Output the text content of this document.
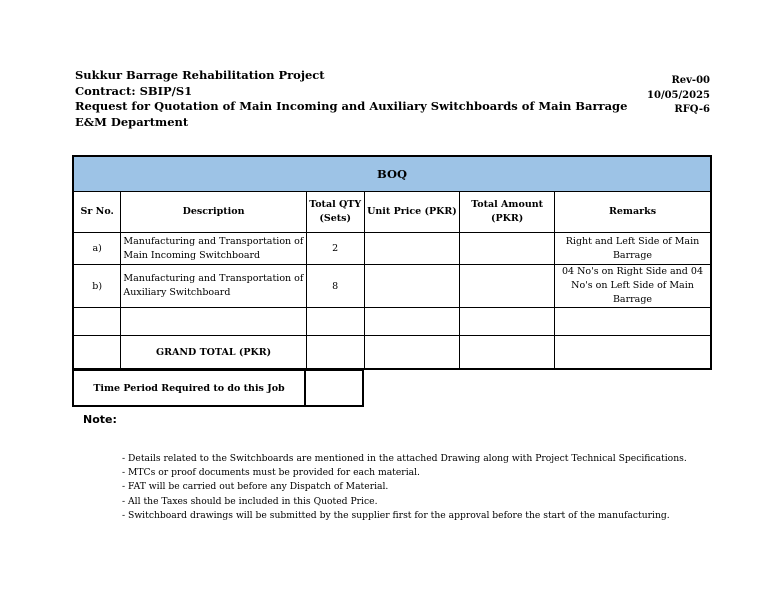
Sukkur Barrage Rehabilitation Project
Contract: SBIP/S1
Request for Quotation of Main Incoming and Auxiliary Switchboards of Main Barrage
E&M Department
Rev-00
10/05/2025
RFQ-6
BOQ					
Sr No.	Description	Total QTY (Sets)	Unit Price (PKR)	Total Amount (PKR)	Remarks
a)	Manufacturing and Transportation of Main Incoming Switchboard	2			Right and Left Side of Main Barrage
b)	Manufacturing and Transportation of Auxiliary Switchboard	8			04 No's on Right Side and 04 No's on Left Side of Main Barrage

	GRAND TOTAL (PKR)				
Time Period Required to do this Job	
Note:
- Details related to the Switchboards are mentioned in the attached Drawing along with Project Technical Specifications.
- MTCs or proof documents must be provided for each material.
- FAT will be carried out before any Dispatch of Material.
- All the Taxes should be included in this Quoted Price.
- Switchboard drawings will be submitted by the supplier first for the approval before the start of the manufacturing.
